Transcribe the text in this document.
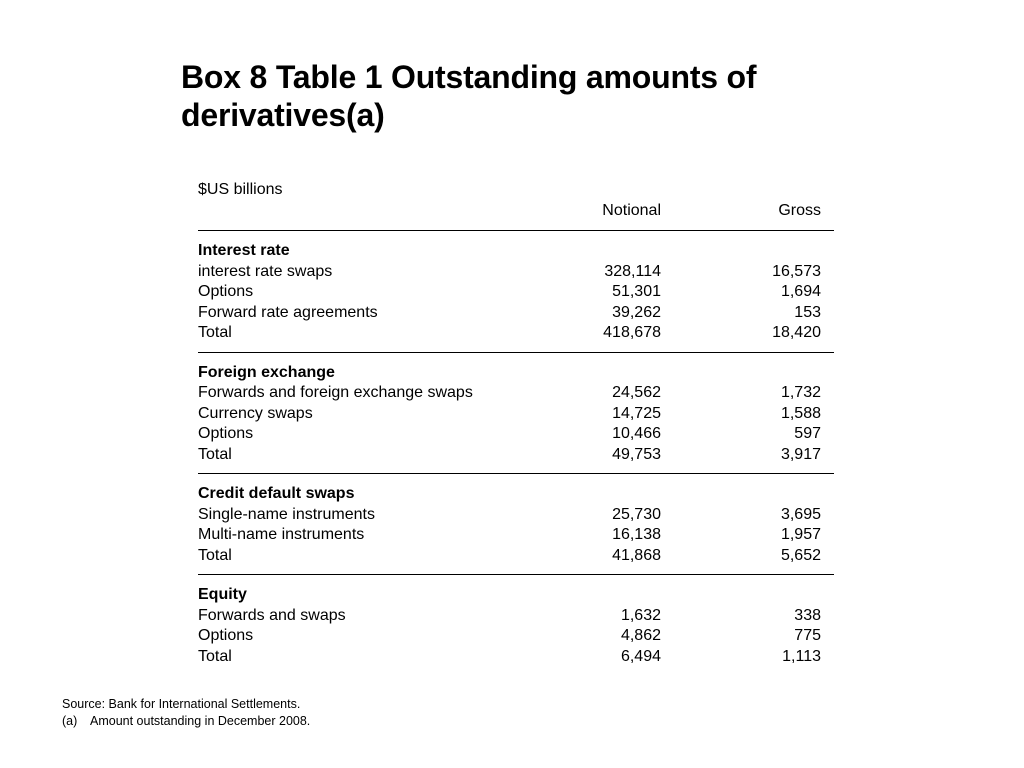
Box 8 Table 1 Outstanding amounts of derivatives(a)
$US billions
Notional	Gross
Interest rate
interest rate swaps	328,114	16,573
Options	51,301	1,694
Forward rate agreements	39,262	153
Total	418,678	18,420
Foreign exchange
Forwards and foreign exchange swaps	24,562	1,732
Currency swaps	14,725	1,588
Options	10,466	597
Total	49,753	3,917
Credit default swaps
Single-name instruments	25,730	3,695
Multi-name instruments	16,138	1,957
Total	41,868	5,652
Equity
Forwards and swaps	1,632	338
Options	4,862	775
Total	6,494	1,113
Source: Bank for International Settlements.
(a)	Amount outstanding in December 2008.
